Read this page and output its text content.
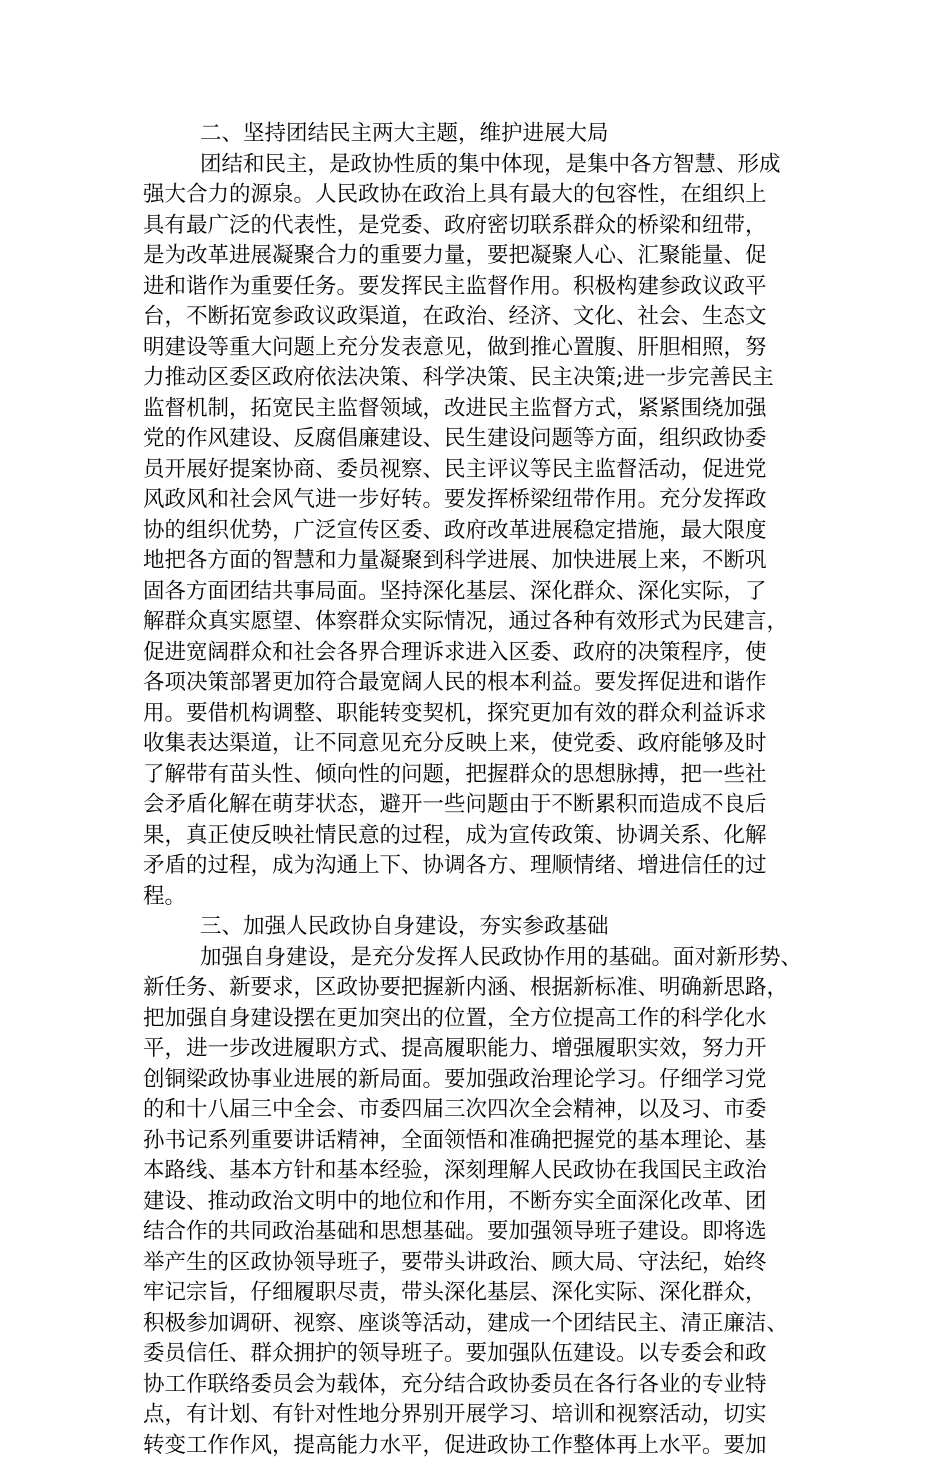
二、坚持团结民主两大主题，维护进展大局
团结和民主，是政协性质的集中体现，是集中各方智慧、形成
强大合力的源泉。人民政协在政治上具有最大的包容性，在组织上
具有最广泛的代表性，是党委、政府密切联系群众的桥梁和纽带，
是为改革进展凝聚合力的重要力量，要把凝聚人心、汇聚能量、促
进和谐作为重要任务。要发挥民主监督作用。积极构建参政议政平
台，不断拓宽参政议政渠道，在政治、经济、文化、社会、生态文
明建设等重大问题上充分发表意见，做到推心置腹、肝胆相照，努
力推动区委区政府依法决策、科学决策、民主决策;进一步完善民主
监督机制，拓宽民主监督领域，改进民主监督方式，紧紧围绕加强
党的作风建设、反腐倡廉建设、民生建设问题等方面，组织政协委
员开展好提案协商、委员视察、民主评议等民主监督活动，促进党
风政风和社会风气进一步好转。要发挥桥梁纽带作用。充分发挥政
协的组织优势，广泛宣传区委、政府改革进展稳定措施，最大限度
地把各方面的智慧和力量凝聚到科学进展、加快进展上来，不断巩
固各方面团结共事局面。坚持深化基层、深化群众、深化实际，了
解群众真实愿望、体察群众实际情况，通过各种有效形式为民建言，
促进宽阔群众和社会各界合理诉求进入区委、政府的决策程序，使
各项决策部署更加符合最宽阔人民的根本利益。要发挥促进和谐作
用。要借机构调整、职能转变契机，探究更加有效的群众利益诉求
收集表达渠道，让不同意见充分反映上来，使党委、政府能够及时
了解带有苗头性、倾向性的问题，把握群众的思想脉搏，把一些社
会矛盾化解在萌芽状态，避开一些问题由于不断累积而造成不良后
果，真正使反映社情民意的过程，成为宣传政策、协调关系、化解
矛盾的过程，成为沟通上下、协调各方、理顺情绪、增进信任的过
程。
三、加强人民政协自身建设，夯实参政基础
加强自身建设，是充分发挥人民政协作用的基础。面对新形势、
新任务、新要求，区政协要把握新内涵、根据新标准、明确新思路，
把加强自身建设摆在更加突出的位置，全方位提高工作的科学化水
平，进一步改进履职方式、提高履职能力、增强履职实效，努力开
创铜梁政协事业进展的新局面。要加强政治理论学习。仔细学习党
的和十八届三中全会、市委四届三次四次全会精神，以及习、市委
孙书记系列重要讲话精神，全面领悟和准确把握党的基本理论、基
本路线、基本方针和基本经验，深刻理解人民政协在我国民主政治
建设、推动政治文明中的地位和作用，不断夯实全面深化改革、团
结合作的共同政治基础和思想基础。要加强领导班子建设。即将选
举产生的区政协领导班子，要带头讲政治、顾大局、守法纪，始终
牢记宗旨，仔细履职尽责，带头深化基层、深化实际、深化群众，
积极参加调研、视察、座谈等活动，建成一个团结民主、清正廉洁、
委员信任、群众拥护的领导班子。要加强队伍建设。以专委会和政
协工作联络委员会为载体，充分结合政协委员在各行各业的专业特
点，有计划、有针对性地分界别开展学习、培训和视察活动，切实
转变工作作风，提高能力水平，促进政协工作整体再上水平。要加
